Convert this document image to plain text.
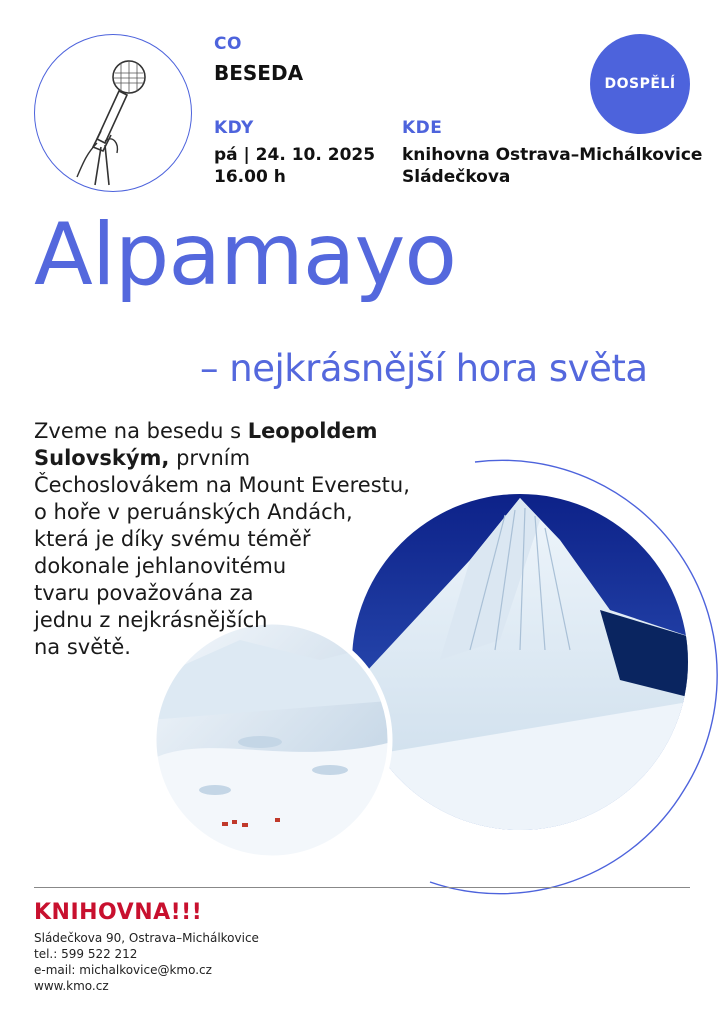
CO
BESEDA
KDY
pá | 24. 10. 2025
16.00 h
KDE
knihovna Ostrava–Michálkovice
Sládečkova
DOSPĚLÍ
Alpamayo
– nejkrásnější hora světa
Zveme na besedu s Leopoldem Sulovským, prvním
Čechoslovákem na Mount Everestu,
o hoře v peruánských Andách,
která je díky svému téměř
dokonale jehlanovitému
tvaru považována za
jednu z nejkrásnějších
na světě.
KNIHOVNA!!!
Sládečkova 90, Ostrava–Michálkovice
tel.: 599 522 212
e-mail: michalkovice@kmo.cz
www.kmo.cz
